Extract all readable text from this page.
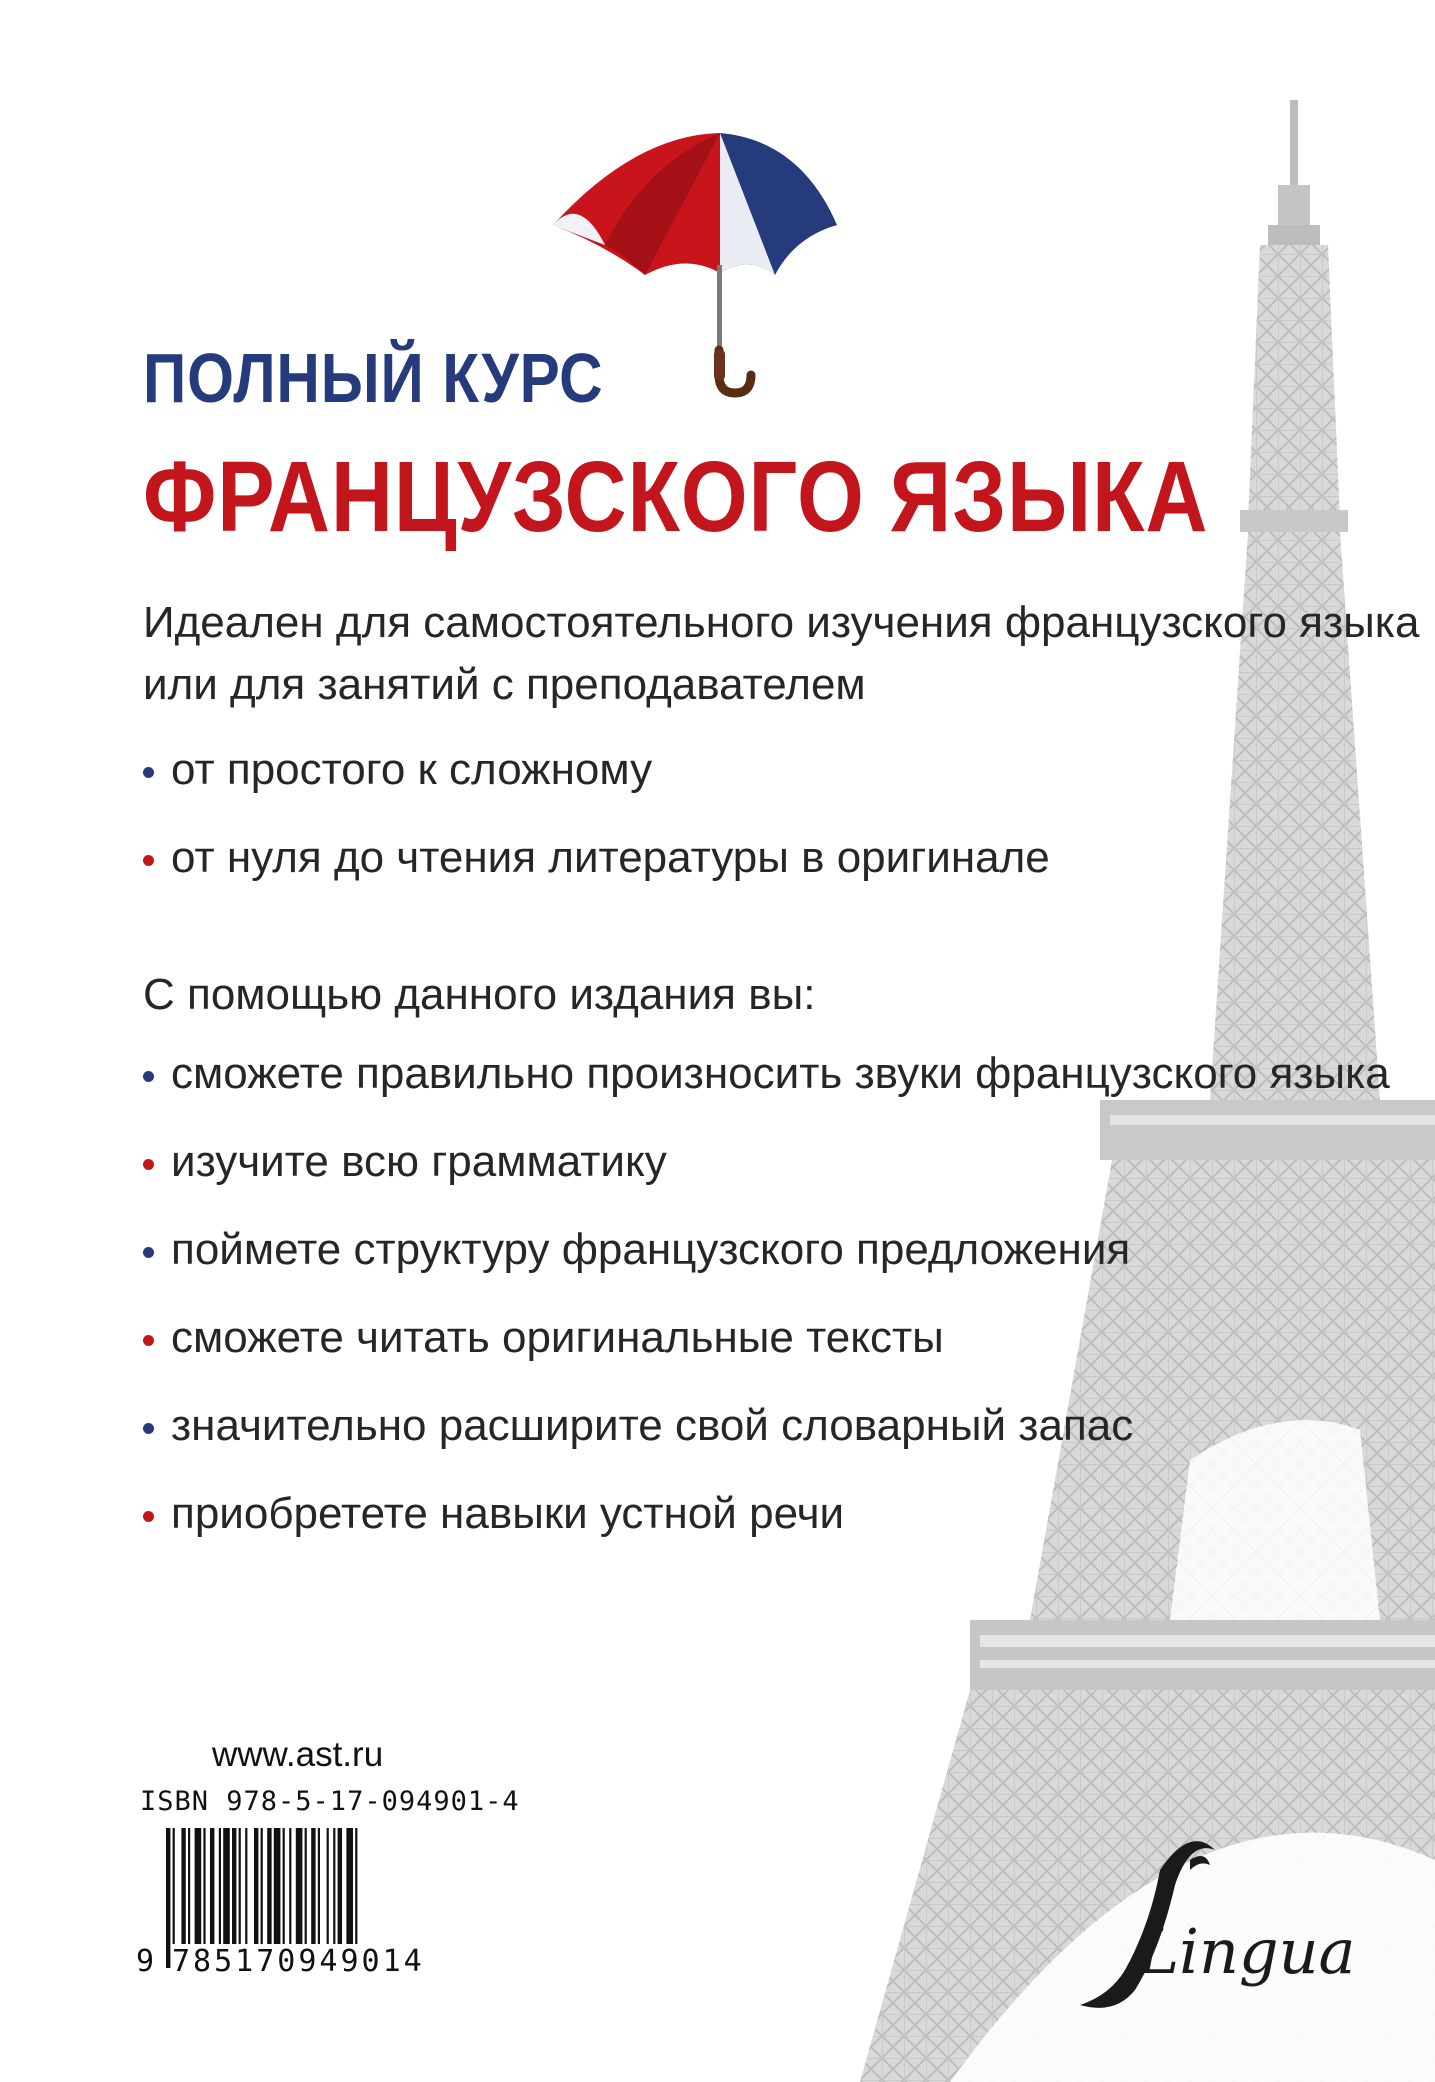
ПОЛНЫЙ КУРС
ФРАНЦУЗСКОГО ЯЗЫКА
Идеален для самостоятельного изучения французского языка
или для занятий с преподавателем
от простого к сложному
от нуля до чтения литературы в оригинале
С помощью данного издания вы:
сможете правильно произносить звуки французского языка
изучите всю грамматику
поймете структуру французского предложения
сможете читать оригинальные тексты
значительно расширите свой словарный запас
приобретете навыки устной речи
www.ast.ru
ISBN 978-5-17-094901-4
9 785170949014	Lingua
